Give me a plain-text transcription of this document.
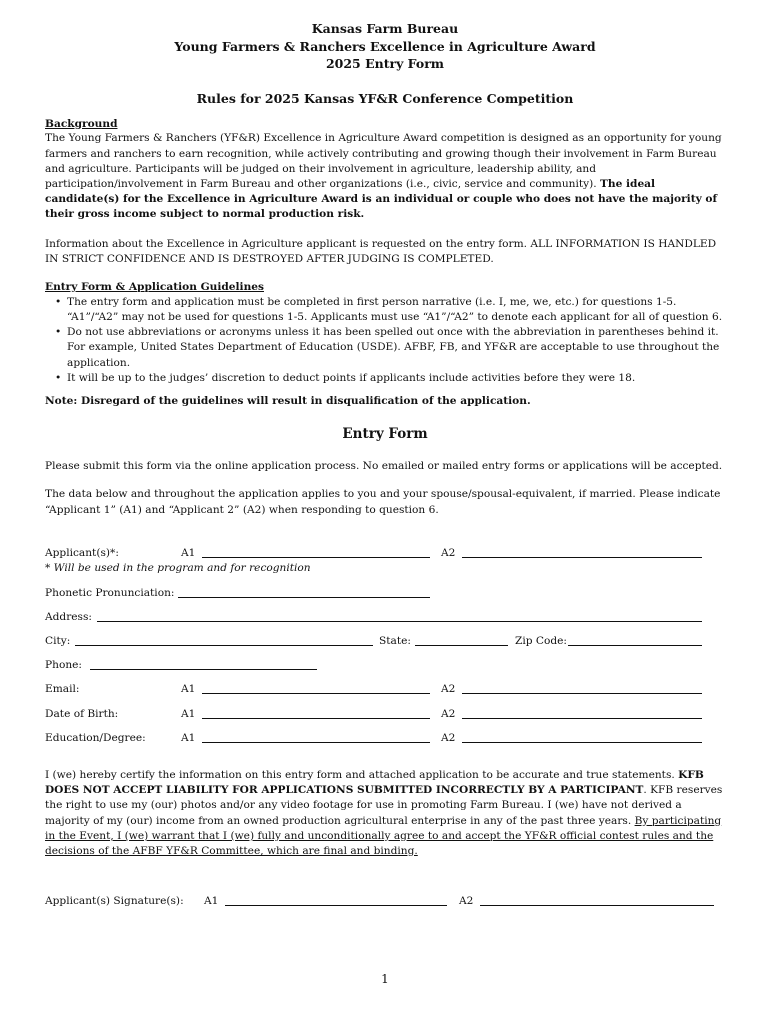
Kansas Farm Bureau
Young Farmers & Ranchers Excellence in Agriculture Award
2025 Entry Form
Rules for 2025 Kansas YF&R Conference Competition
Background

The Young Farmers & Ranchers (YF&R) Excellence in Agriculture Award competition is designed as an opportunity for young farmers and ranchers to earn recognition, while actively contributing and growing though their involvement in Farm Bureau and agriculture. Participants will be judged on their involvement in agriculture, leadership ability, and participation/involvement in Farm Bureau and other organizations (i.e., civic, service and community). The ideal candidate(s) for the Excellence in Agriculture Award is an individual or couple who does not have the majority of their gross income subject to normal production risk.

Information about the Excellence in Agriculture applicant is requested on the entry form. ALL INFORMATION IS HANDLED IN STRICT CONFIDENCE AND IS DESTROYED AFTER JUDGING IS COMPLETED.

Entry Form & Application Guidelines
• The entry form and application must be completed in first person narrative (i.e. I, me, we, etc.) for questions 1-5. “A1”/“A2” may not be used for questions 1-5. Applicants must use “A1”/“A2” to denote each applicant for all of question 6.
• Do not use abbreviations or acronyms unless it has been spelled out once with the abbreviation in parentheses behind it. For example, United States Department of Education (USDE). AFBF, FB, and YF&R are acceptable to use throughout the application.
• It will be up to the judges’ discretion to deduct points if applicants include activities before they were 18.

Note: Disregard of the guidelines will result in disqualification of the application.

Entry Form

Please submit this form via the online application process. No emailed or mailed entry forms or applications will be accepted.

The data below and throughout the application applies to you and your spouse/spousal-equivalent, if married. Please indicate “Applicant 1” (A1) and “Applicant 2” (A2) when responding to question 6.

Applicant(s)*:	A1	A2
* Will be used in the program and for recognition
Phonetic Pronunciation:
Address:
City:	State:	Zip Code:
Phone:
Email:	A1	A2
Date of Birth:	A1	A2
Education/Degree:	A1	A2

I (we) hereby certify the information on this entry form and attached application to be accurate and true statements. KFB DOES NOT ACCEPT LIABILITY FOR APPLICATIONS SUBMITTED INCORRECTLY BY A PARTICIPANT. KFB reserves the right to use my (our) photos and/or any video footage for use in promoting Farm Bureau. I (we) have not derived a majority of my (our) income from an owned production agricultural enterprise in any of the past three years. By participating in the Event, I (we) warrant that I (we) fully and unconditionally agree to and accept the YF&R official contest rules and the decisions of the AFBF YF&R Committee, which are final and binding.

Applicant(s) Signature(s): A1	A2
1
